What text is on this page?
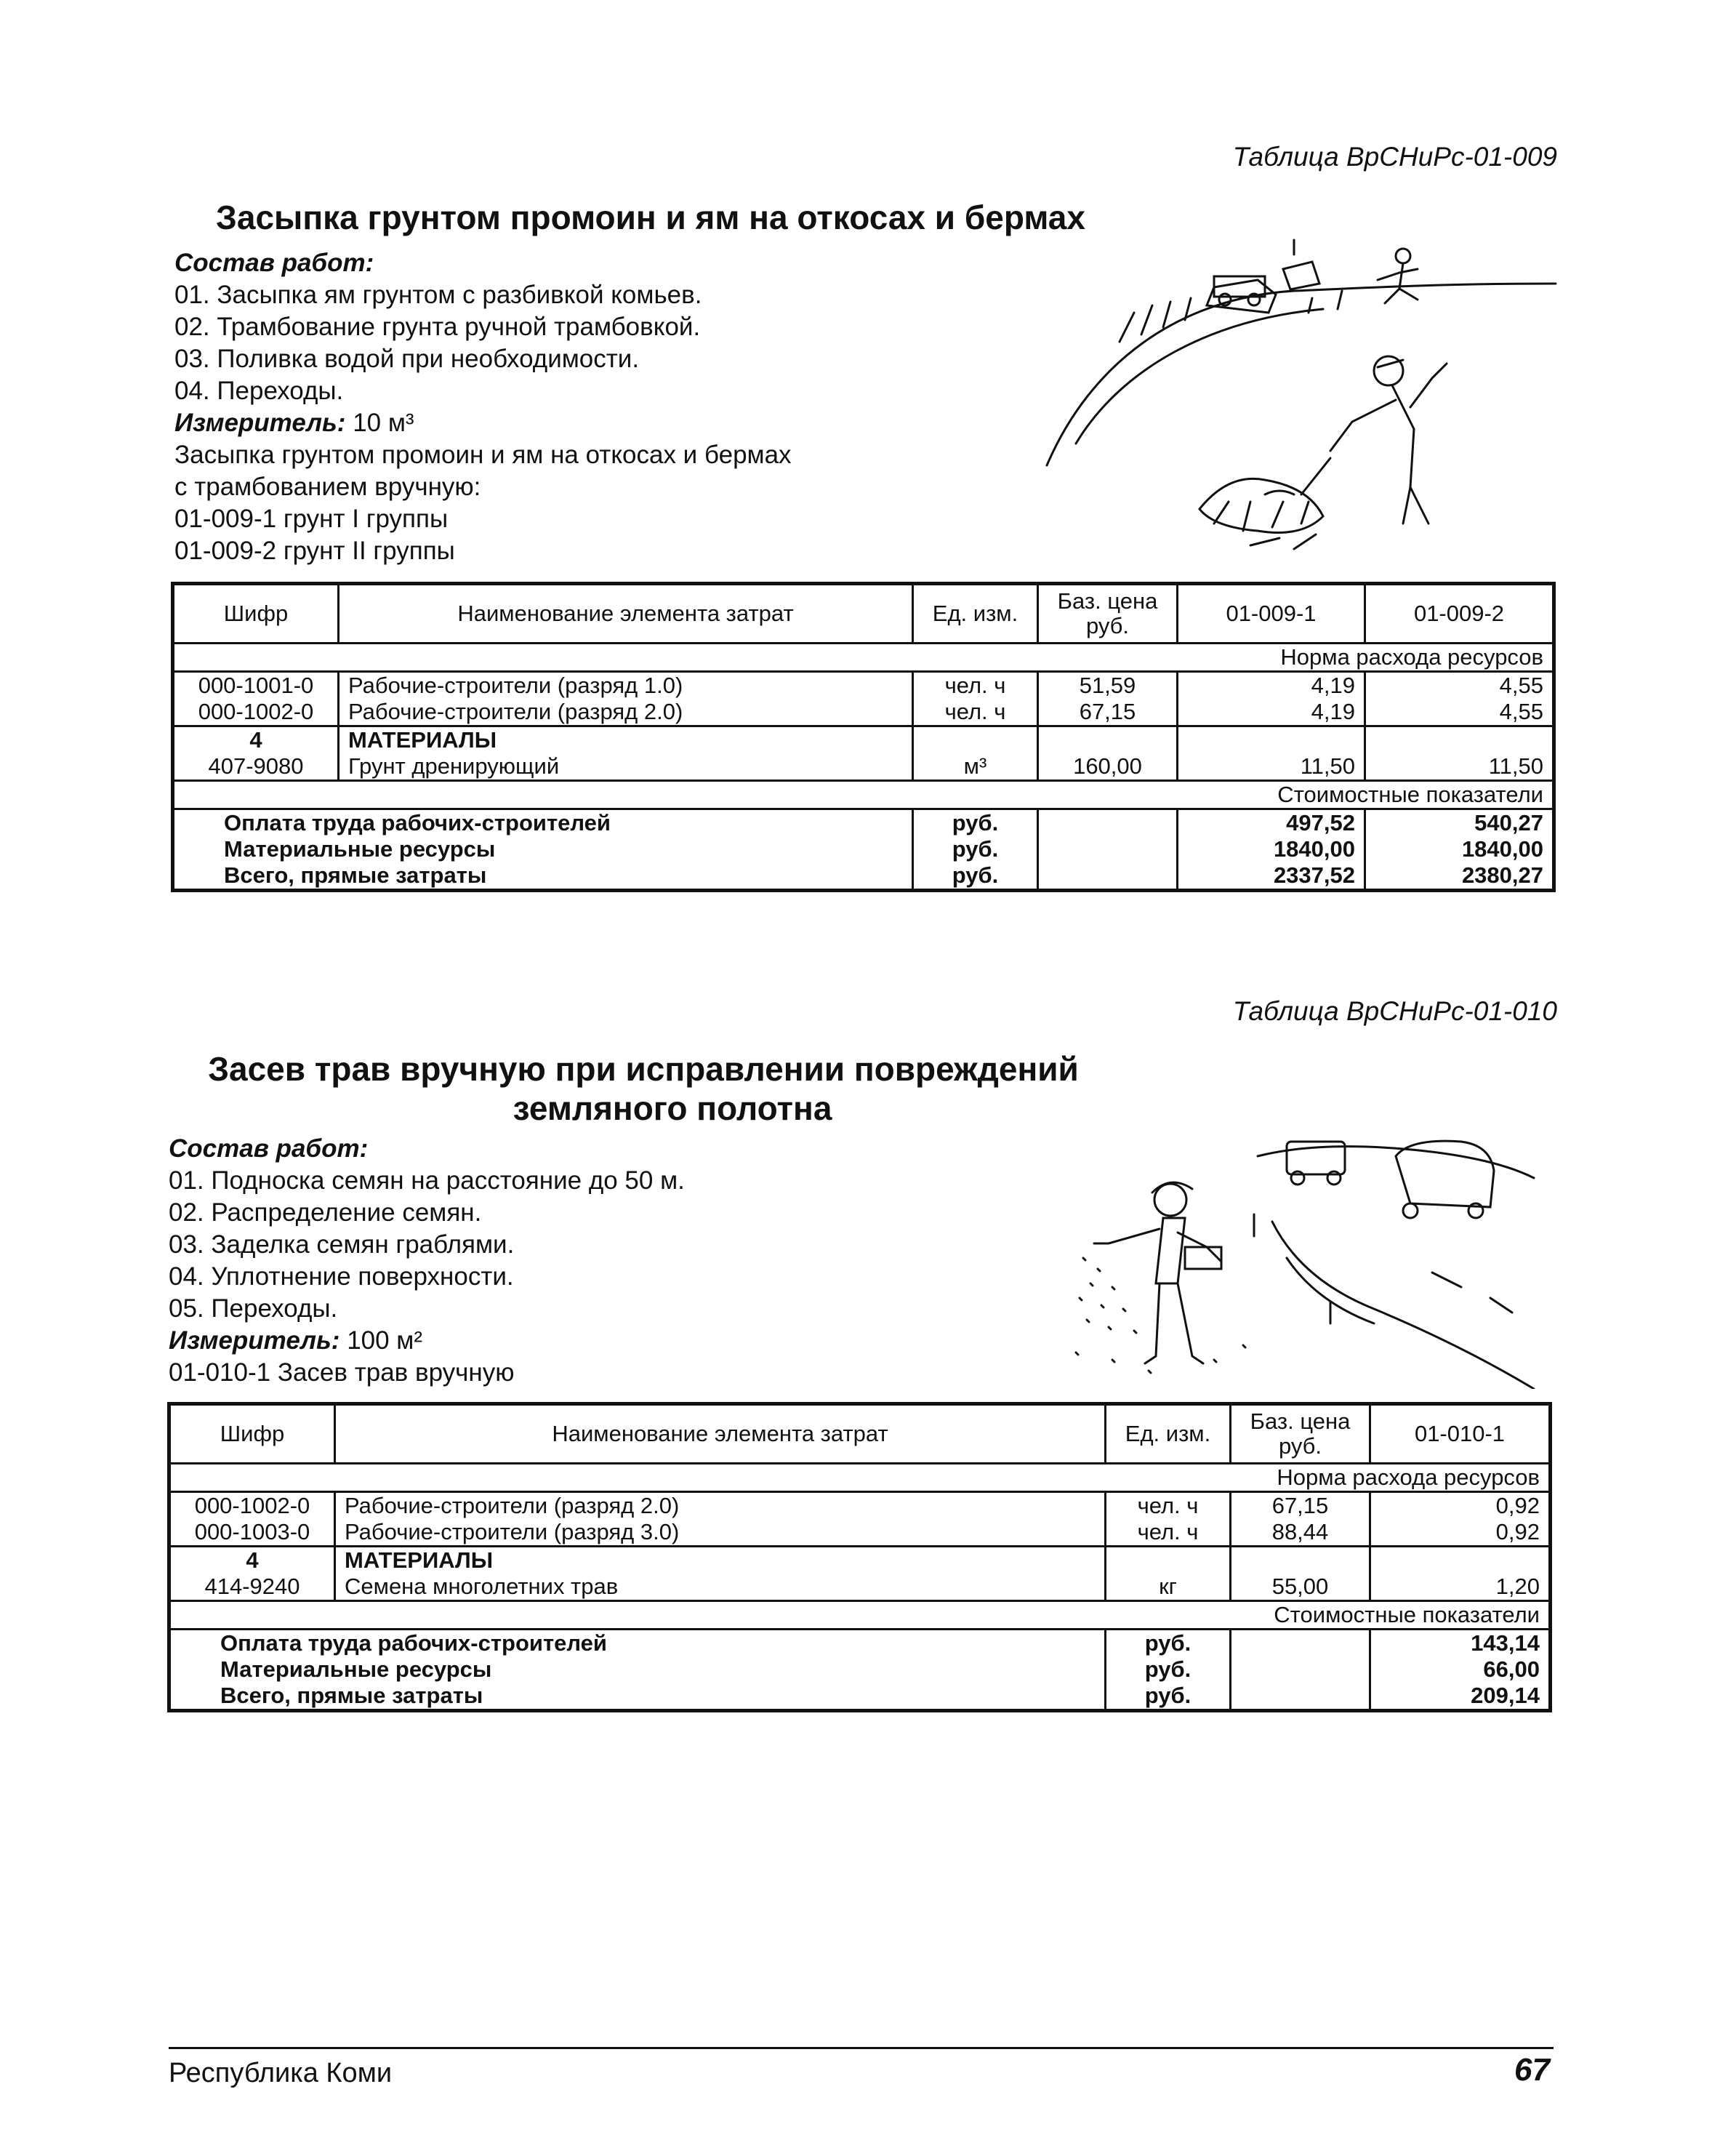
Таблица ВрСНиРс-01-009
Засыпка грунтом промоин и ям на откосах и бермах
Состав работ:
01. Засыпка ям грунтом с разбивкой комьев.
02. Трамбование грунта ручной трамбовкой.
03. Поливка водой при необходимости.
04. Переходы.
Измеритель: 10 м³
Засыпка грунтом промоин и ям на откосах и бермах
с трамбованием вручную:
01-009-1 грунт I группы
01-009-2 грунт II группы
Шифр	Наименование элемента затрат	Ед. изм.	Баз. цена руб.	01-009-1	01-009-2
				Норма расхода ресурсов	
000-1001-0	Рабочие-строители (разряд 1.0)	чел. ч	51,59	4,19	4,55
000-1002-0	Рабочие-строители (разряд 2.0)	чел. ч	67,15	4,19	4,55
4	МАТЕРИАЛЫ				
407-9080	Грунт дренирующий	м³	160,00	11,50	11,50
				Стоимостные показатели	
Оплата труда рабочих-строителей		руб.		497,52	540,27
Материальные ресурсы		руб.		1840,00	1840,00
Всего, прямые затраты		руб.		2337,52	2380,27
Таблица ВрСНиРс-01-010
Засев трав вручную при исправлении повреждений
земляного полотна
Состав работ:
01. Подноска семян на расстояние до 50 м.
02. Распределение семян.
03. Заделка семян граблями.
04. Уплотнение поверхности.
05. Переходы.
Измеритель: 100 м²
01-010-1 Засев трав вручную
Шифр	Наименование элемента затрат	Ед. изм.	Баз. цена руб.	01-010-1
			Норма расхода ресурсов	
000-1002-0	Рабочие-строители (разряд 2.0)	чел. ч	67,15	0,92
000-1003-0	Рабочие-строители (разряд 3.0)	чел. ч	88,44	0,92
4	МАТЕРИАЛЫ			
414-9240	Семена многолетних трав	кг	55,00	1,20
			Стоимостные показатели	
Оплата труда рабочих-строителей		руб.		143,14
Материальные ресурсы		руб.		66,00
Всего, прямые затраты		руб.		209,14
Республика Коми	67
